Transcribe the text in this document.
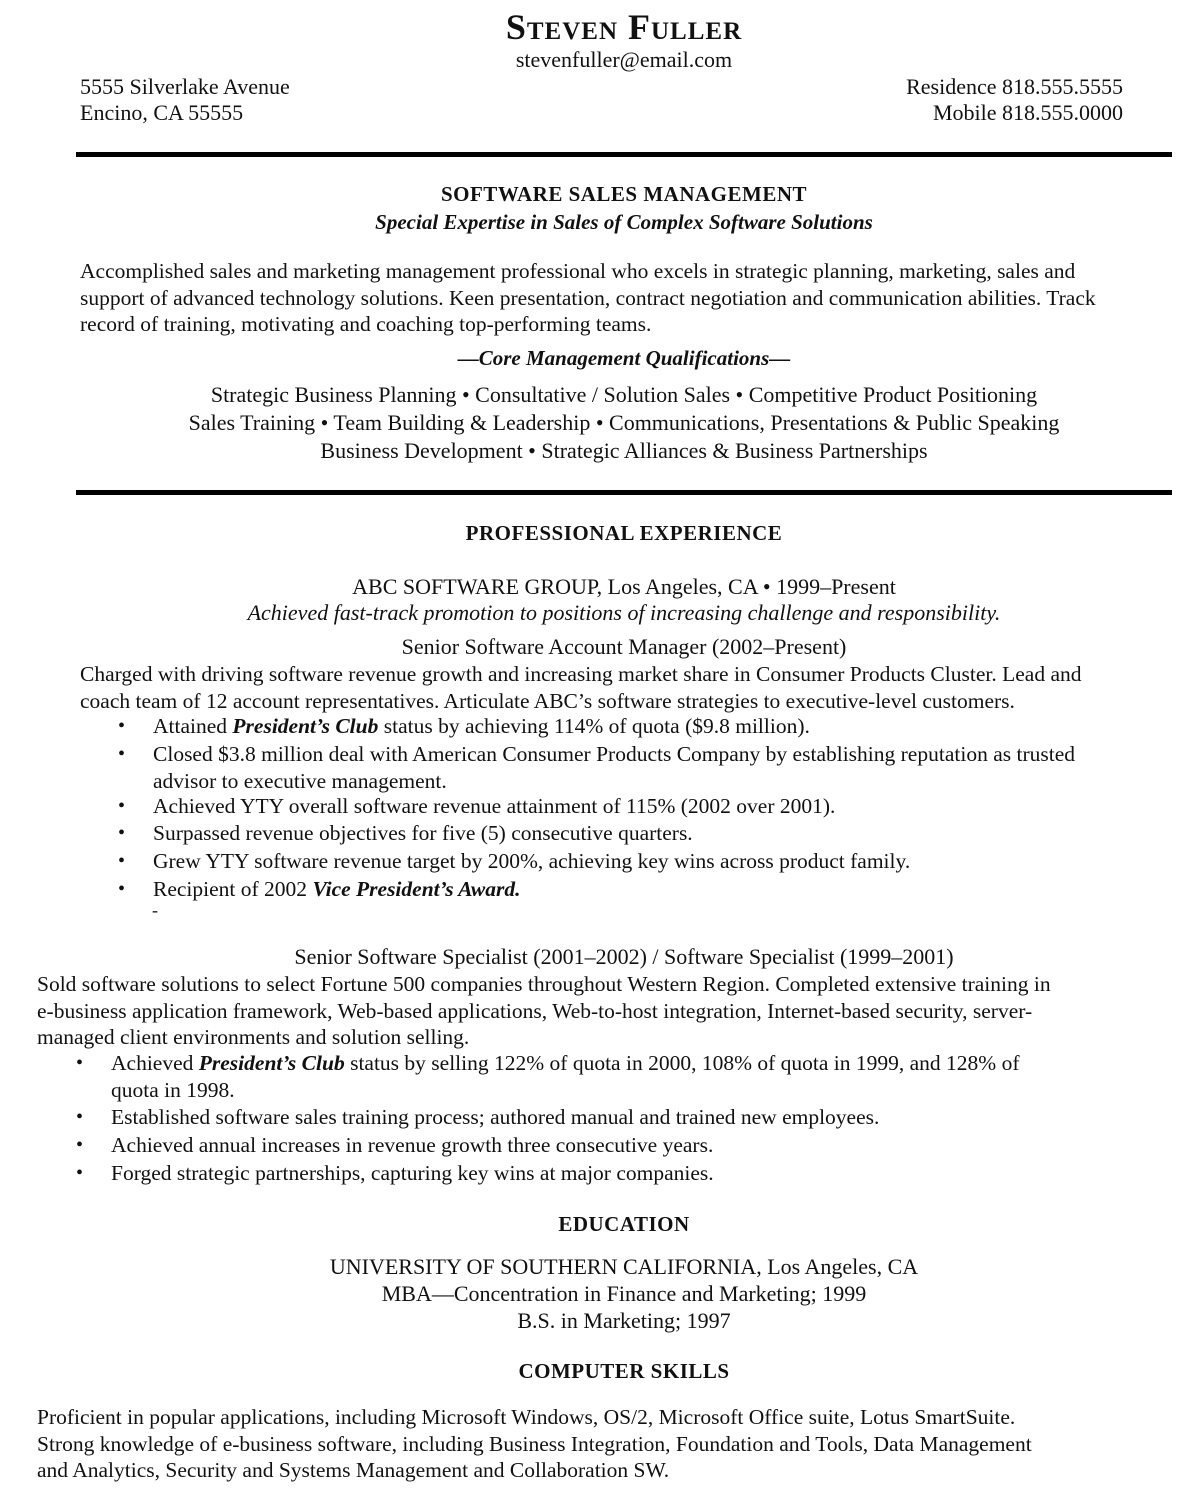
Steven Fuller
stevenfuller@email.com
5555 Silverlake Avenue
Encino, CA 55555
Residence 818.555.5555
Mobile 818.555.0000
SOFTWARE SALES MANAGEMENT
Special Expertise in Sales of Complex Software Solutions
Accomplished sales and marketing management professional who excels in strategic planning, marketing, sales and
support of advanced technology solutions. Keen presentation, contract negotiation and communication abilities. Track
record of training, motivating and coaching top-performing teams.
—Core Management Qualifications—
Strategic Business Planning • Consultative / Solution Sales • Competitive Product Positioning
Sales Training • Team Building & Leadership • Communications, Presentations & Public Speaking
Business Development • Strategic Alliances & Business Partnerships
PROFESSIONAL EXPERIENCE
ABC SOFTWARE GROUP, Los Angeles, CA • 1999–Present
Achieved fast-track promotion to positions of increasing challenge and responsibility.
Senior Software Account Manager (2002–Present)
Charged with driving software revenue growth and increasing market share in Consumer Products Cluster. Lead and
coach team of 12 account representatives. Articulate ABC’s software strategies to executive-level customers.
• Attained President’s Club status by achieving 114% of quota ($9.8 million).
• Closed $3.8 million deal with American Consumer Products Company by establishing reputation as trusted
advisor to executive management.
• Achieved YTY overall software revenue attainment of 115% (2002 over 2001).
• Surpassed revenue objectives for five (5) consecutive quarters.
• Grew YTY software revenue target by 200%, achieving key wins across product family.
• Recipient of 2002 Vice President’s Award.
-
Senior Software Specialist (2001–2002) / Software Specialist (1999–2001)
Sold software solutions to select Fortune 500 companies throughout Western Region. Completed extensive training in
e-business application framework, Web-based applications, Web-to-host integration, Internet-based security, server-
managed client environments and solution selling.
• Achieved President’s Club status by selling 122% of quota in 2000, 108% of quota in 1999, and 128% of
quota in 1998.
• Established software sales training process; authored manual and trained new employees.
• Achieved annual increases in revenue growth three consecutive years.
• Forged strategic partnerships, capturing key wins at major companies.
EDUCATION
UNIVERSITY OF SOUTHERN CALIFORNIA, Los Angeles, CA
MBA—Concentration in Finance and Marketing; 1999
B.S. in Marketing; 1997
COMPUTER SKILLS
Proficient in popular applications, including Microsoft Windows, OS/2, Microsoft Office suite, Lotus SmartSuite.
Strong knowledge of e-business software, including Business Integration, Foundation and Tools, Data Management
and Analytics, Security and Systems Management and Collaboration SW.
